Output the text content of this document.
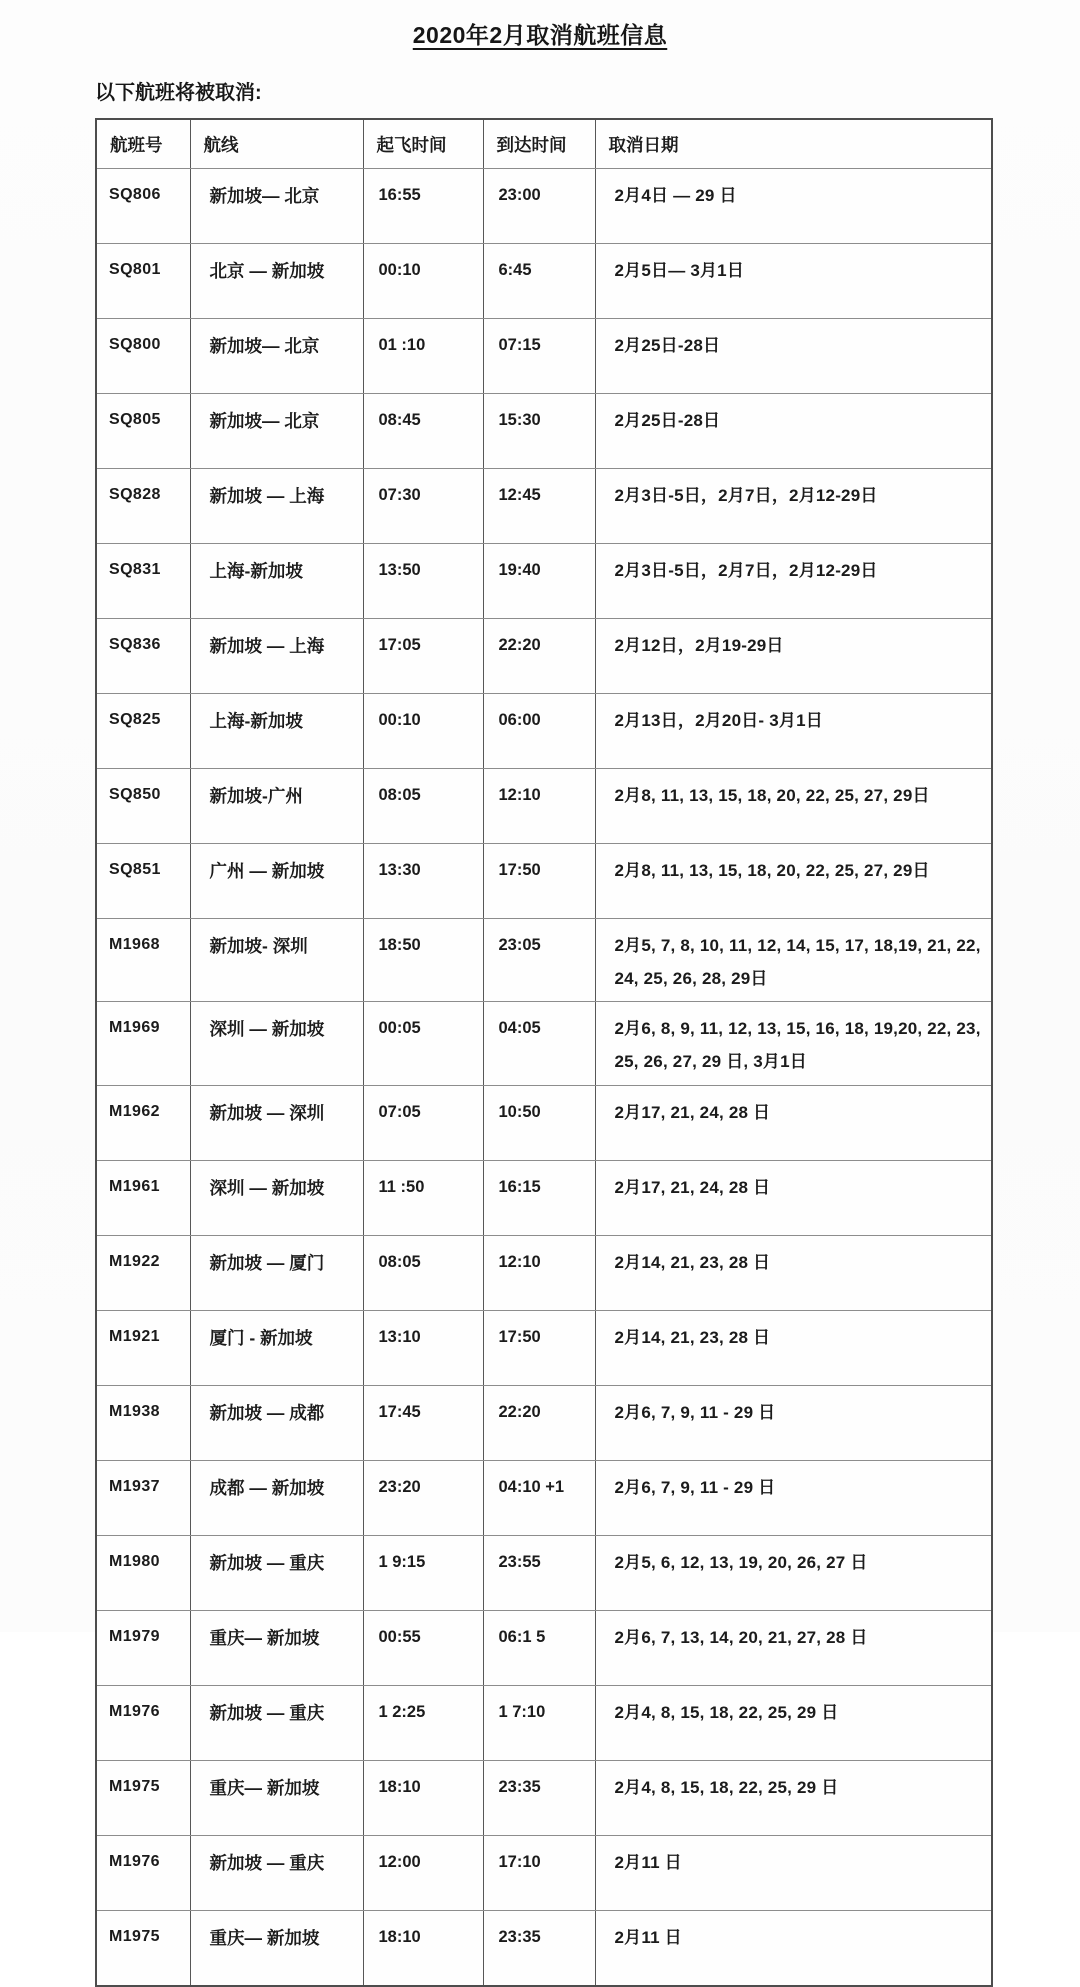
2020年2月取消航班信息

以下航班将被取消:

航班号	航线	起飞时间	到达时间	取消日期
SQ806	新加坡— 北京	16:55	23:00	2月4日 — 29 日
SQ801	北京 — 新加坡	00:10	6:45	2月5日— 3月1日
SQ800	新加坡— 北京	01 :10	07:15	2月25日-28日
SQ805	新加坡— 北京	08:45	15:30	2月25日-28日
SQ828	新加坡 — 上海	07:30	12:45	2月3日-5日，2月7日，2月12-29日
SQ831	上海-新加坡	13:50	19:40	2月3日-5日，2月7日，2月12-29日
SQ836	新加坡 — 上海	17:05	22:20	2月12日，2月19-29日
SQ825	上海-新加坡	00:10	06:00	2月13日，2月20日- 3月1日
SQ850	新加坡-广州	08:05	12:10	2月8, 11, 13, 15, 18, 20, 22, 25, 27, 29日
SQ851	广州 — 新加坡	13:30	17:50	2月8, 11, 13, 15, 18, 20, 22, 25, 27, 29日
M1968	新加坡- 深圳	18:50	23:05	2月5, 7, 8, 10, 11, 12, 14, 15, 17, 18,19, 21, 22, 24, 25, 26, 28, 29日
M1969	深圳 — 新加坡	00:05	04:05	2月6, 8, 9, 11, 12, 13, 15, 16, 18, 19,20, 22, 23, 25, 26, 27, 29 日, 3月1日
M1962	新加坡 — 深圳	07:05	10:50	2月17, 21, 24, 28 日
M1961	深圳 — 新加坡	11 :50	16:15	2月17, 21, 24, 28 日
M1922	新加坡 — 厦门	08:05	12:10	2月14, 21, 23, 28 日
M1921	厦门 - 新加坡	13:10	17:50	2月14, 21, 23, 28 日
M1938	新加坡 — 成都	17:45	22:20	2月6, 7, 9, 11 - 29 日
M1937	成都 — 新加坡	23:20	04:10 +1	2月6, 7, 9, 11 - 29 日
M1980	新加坡 — 重庆	1 9:15	23:55	2月5, 6, 12, 13, 19, 20, 26, 27 日
M1979	重庆— 新加坡	00:55	06:1 5	2月6, 7, 13, 14, 20, 21, 27, 28 日
M1976	新加坡 — 重庆	1 2:25	1 7:10	2月4, 8, 15, 18, 22, 25, 29 日
M1975	重庆— 新加坡	18:10	23:35	2月4, 8, 15, 18, 22, 25, 29 日
M1976	新加坡 — 重庆	12:00	17:10	2月11 日
M1975	重庆— 新加坡	18:10	23:35	2月11 日
